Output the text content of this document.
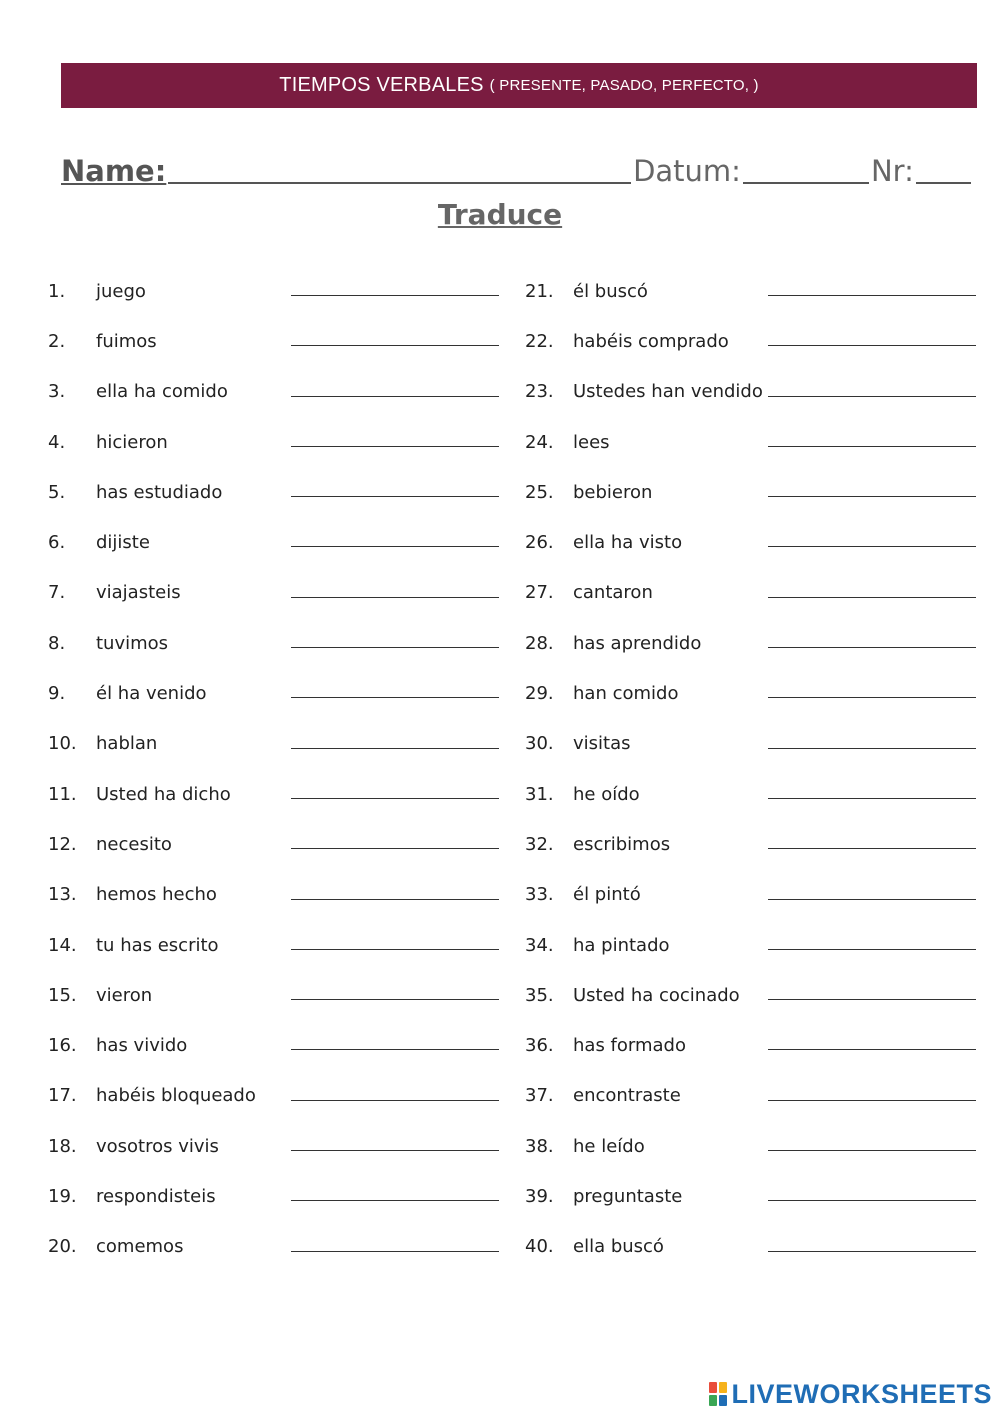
TIEMPOS VERBALES ( PRESENTE, PASADO, PERFECTO, )
Name:	Datum:	Nr:
Traduce
1.	juego
2.	fuimos
3.	ella ha comido
4.	hicieron
5.	has estudiado
6.	dijiste
7.	viajasteis
8.	tuvimos
9.	él ha venido
10.	hablan
11.	Usted ha dicho
12.	necesito
13.	hemos hecho
14.	tu has escrito
15.	vieron
16.	has vivido
17.	habéis bloqueado
18.	vosotros vivis
19.	respondisteis
20.	comemos
21.	él buscó
22.	habéis comprado
23.	Ustedes han vendido
24.	lees
25.	bebieron
26.	ella ha visto
27.	cantaron
28.	has aprendido
29.	han comido
30.	visitas
31.	he oído
32.	escribimos
33.	él pintó
34.	ha pintado
35.	Usted ha cocinado
36.	has formado
37.	encontraste
38.	he leído
39.	preguntaste
40.	ella buscó
LIVEWORKSHEETS
